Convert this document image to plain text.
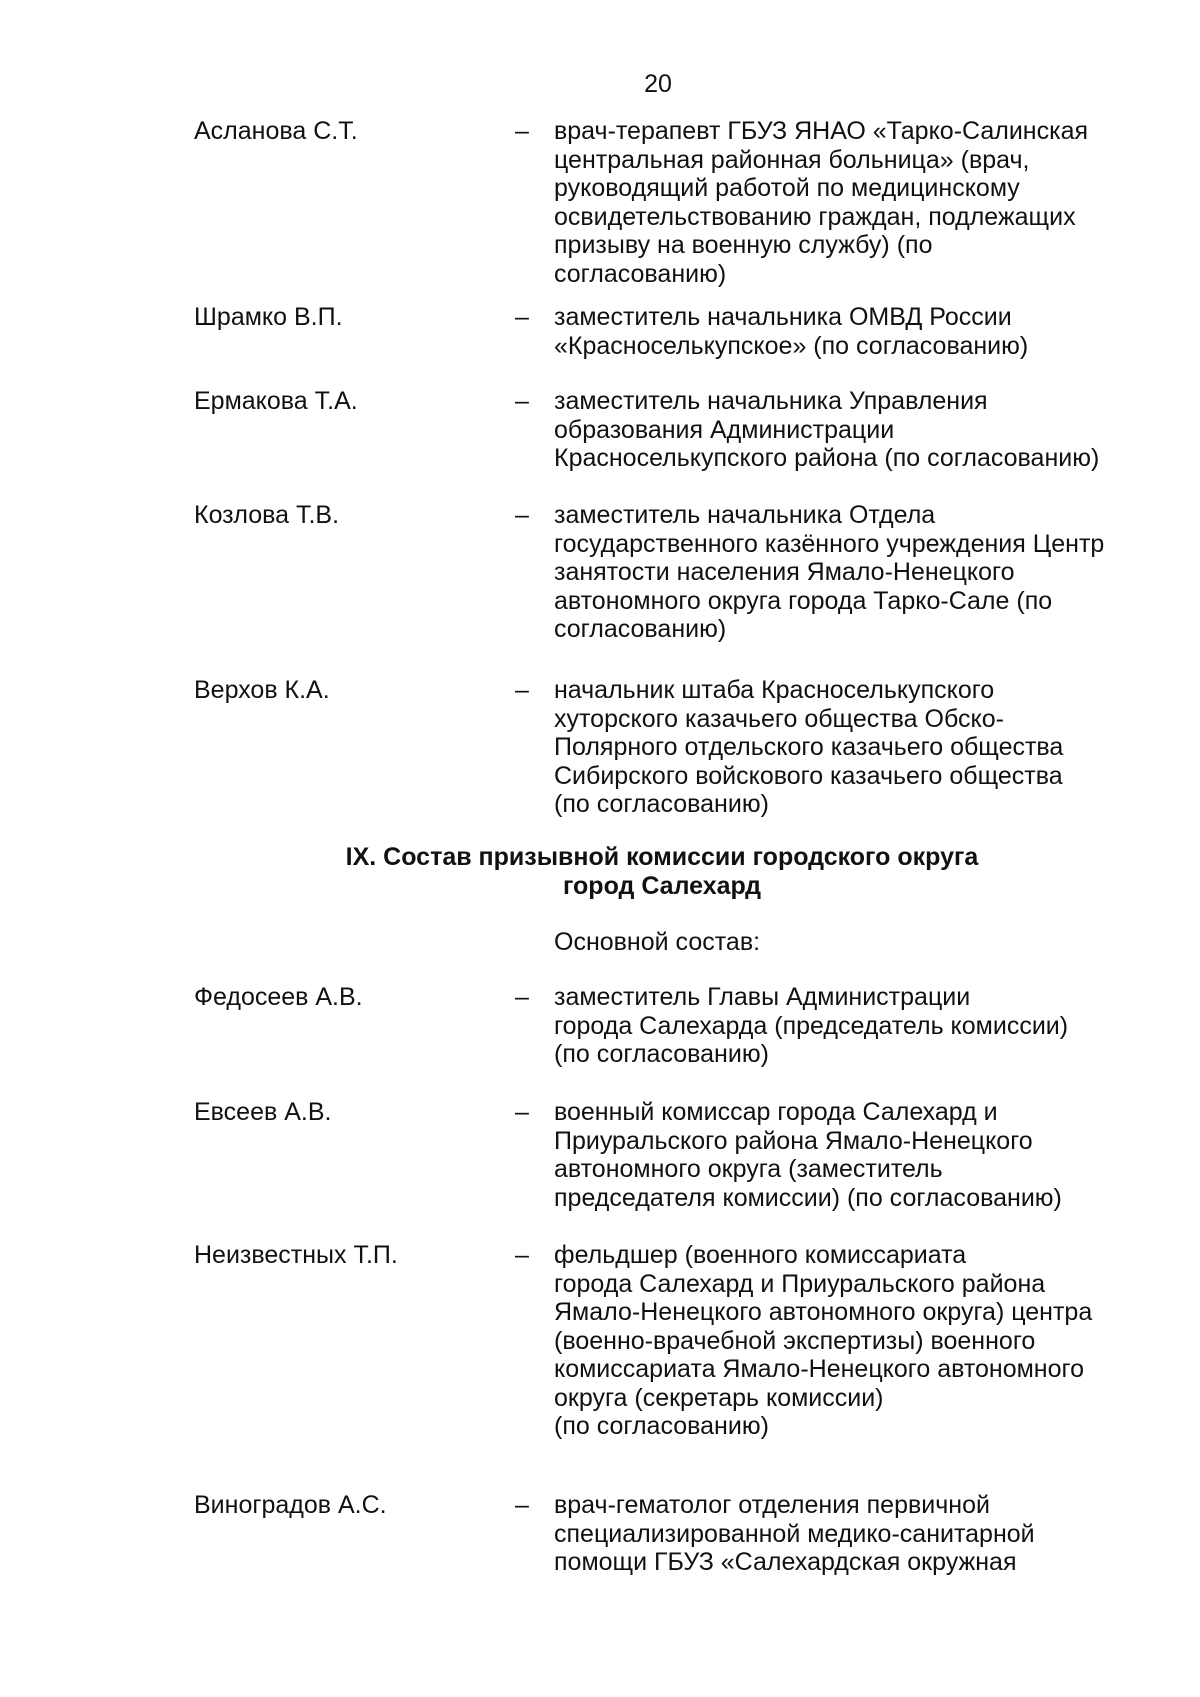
20
Асланова С.Т.	– врач-терапевт ГБУЗ ЯНАО «Тарко-Салинская
центральная районная больница» (врач,
руководящий работой по медицинскому
освидетельствованию граждан, подлежащих
призыву на военную службу) (по
согласованию)
Шрамко В.П.	– заместитель начальника ОМВД России
«Красноселькупское» (по согласованию)
Ермакова Т.А.	– заместитель начальника Управления
образования Администрации
Красноселькупского района (по согласованию)
Козлова Т.В.	– заместитель начальника Отдела
государственного казённого учреждения Центр
занятости населения Ямало-Ненецкого
автономного округа города Тарко-Сале (по
согласованию)
Верхов К.А.	– начальник штаба Красноселькупского
хуторского казачьего общества Обско-
Полярного отдельского казачьего общества
Сибирского войскового казачьего общества
(по согласованию)
IX. Состав призывной комиссии городского округа
город Салехард
Основной состав:
Федосеев А.В.	– заместитель Главы Администрации
города Салехарда (председатель комиссии)
(по согласованию)
Евсеев А.В.	– военный комиссар города Салехард и
Приуральского района Ямало-Ненецкого
автономного округа (заместитель
председателя комиссии) (по согласованию)
Неизвестных Т.П.	– фельдшер (военного комиссариата
города Салехард и Приуральского района
Ямало-Ненецкого автономного округа) центра
(военно-врачебной экспертизы) военного
комиссариата Ямало-Ненецкого автономного
округа (секретарь комиссии)
(по согласованию)
Виноградов А.С.	– врач-гематолог отделения первичной
специализированной медико-санитарной
помощи ГБУЗ «Салехардская окружная
